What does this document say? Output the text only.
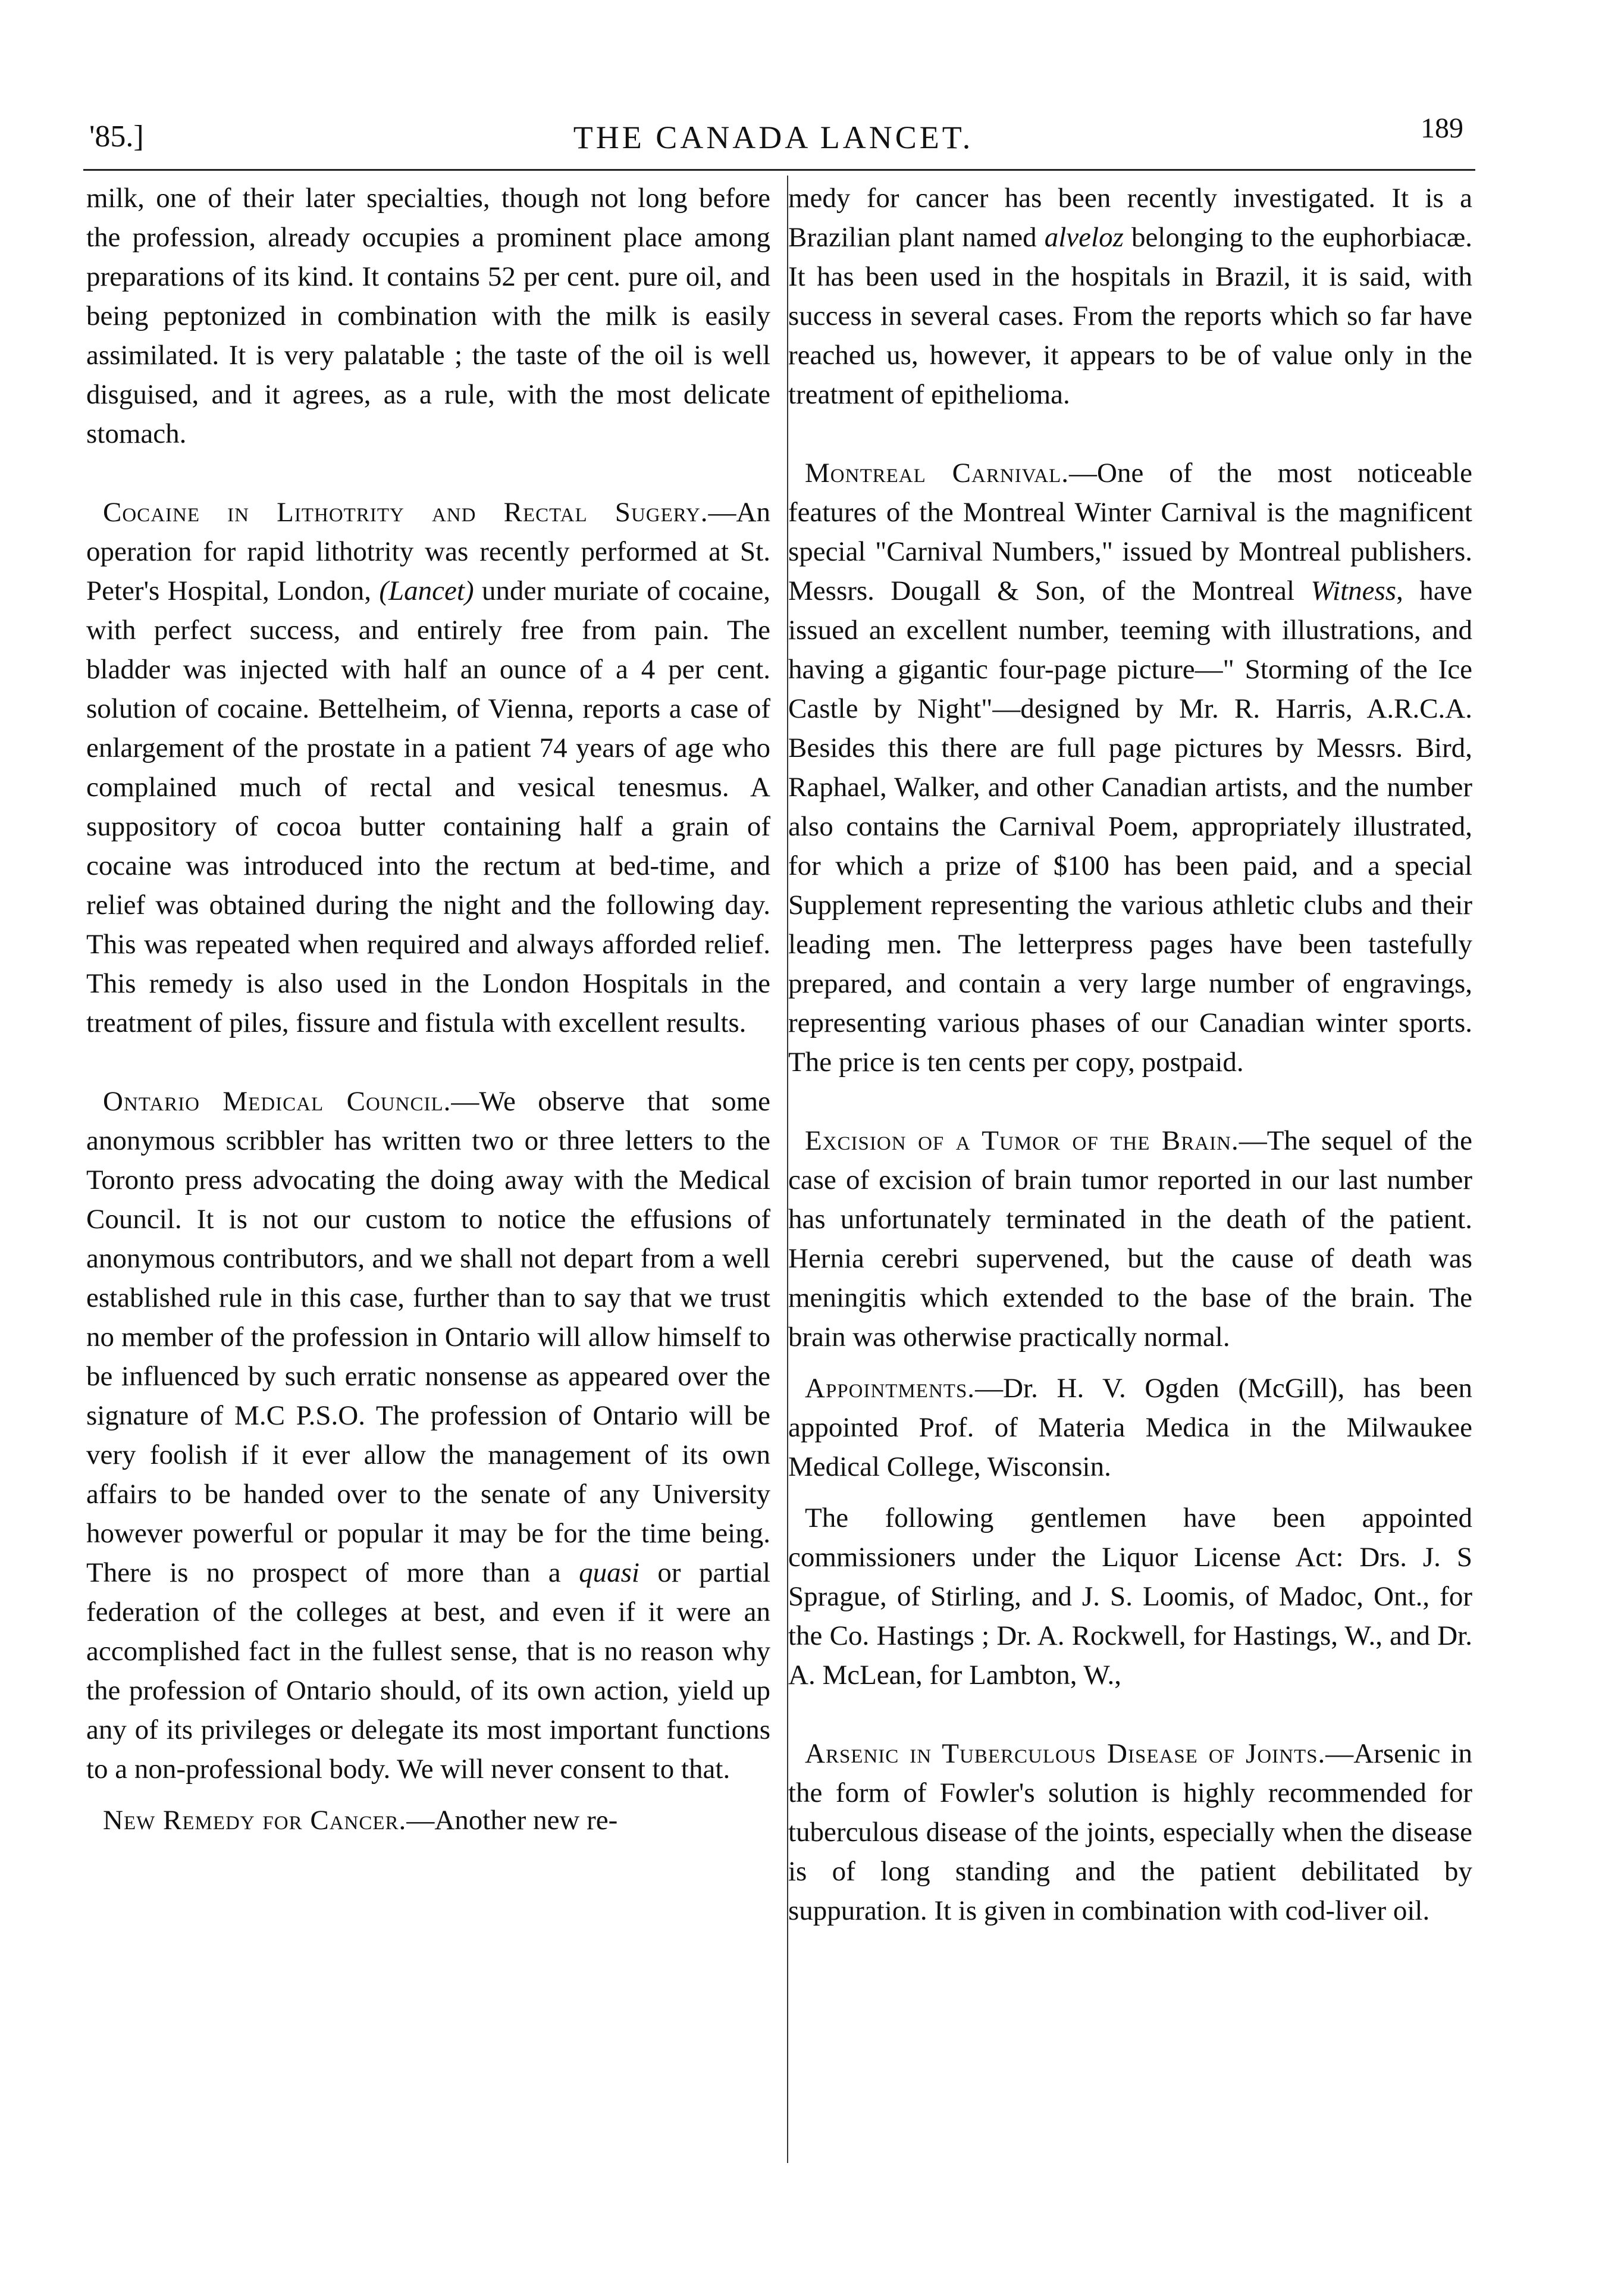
'85.]	THE CANADA LANCET.	189

milk, one of their later specialties, though not long before the profession, already occupies a prominent place among preparations of its kind. It contains 52 per cent. pure oil, and being peptonized in combination with the milk is easily assimilated. It is very palatable ; the taste of the oil is well disguised, and it agrees, as a rule, with the most delicate stomach.

Cocaine in Lithotrity and Rectal Sugery.—An operation for rapid lithotrity was recently performed at St. Peter's Hospital, London, (Lancet) under muriate of cocaine, with perfect success, and entirely free from pain. The bladder was injected with half an ounce of a 4 per cent. solution of cocaine. Bettelheim, of Vienna, reports a case of enlargement of the prostate in a patient 74 years of age who complained much of rectal and vesical tenesmus. A suppository of cocoa butter containing half a grain of cocaine was introduced into the rectum at bed-time, and relief was obtained during the night and the following day. This was repeated when required and always afforded relief. This remedy is also used in the London Hospitals in the treatment of piles, fissure and fistula with excellent results.

Ontario Medical Council.—We observe that some anonymous scribbler has written two or three letters to the Toronto press advocating the doing away with the Medical Council. It is not our custom to notice the effusions of anonymous contributors, and we shall not depart from a well established rule in this case, further than to say that we trust no member of the profession in Ontario will allow himself to be influenced by such erratic nonsense as appeared over the signature of M.C P.S.O. The profession of Ontario will be very foolish if it ever allow the management of its own affairs to be handed over to the senate of any University however powerful or popular it may be for the time being. There is no prospect of more than a quasi or partial federation of the colleges at best, and even if it were an accomplished fact in the fullest sense, that is no reason why the profession of Ontario should, of its own action, yield up any of its privileges or delegate its most important functions to a non-professional body. We will never consent to that.

New Remedy for Cancer.—Another new re-

medy for cancer has been recently investigated. It is a Brazilian plant named alveloz belonging to the euphorbiacæ. It has been used in the hospitals in Brazil, it is said, with success in several cases. From the reports which so far have reached us, however, it appears to be of value only in the treatment of epithelioma.

Montreal Carnival.—One of the most noticeable features of the Montreal Winter Carnival is the magnificent special "Carnival Numbers," issued by Montreal publishers. Messrs. Dougall & Son, of the Montreal Witness, have issued an excellent number, teeming with illustrations, and having a gigantic four-page picture—" Storming of the Ice Castle by Night"—designed by Mr. R. Harris, A.R.C.A. Besides this there are full page pictures by Messrs. Bird, Raphael, Walker, and other Canadian artists, and the number also contains the Carnival Poem, appropriately illustrated, for which a prize of $100 has been paid, and a special Supplement representing the various athletic clubs and their leading men. The letterpress pages have been tastefully prepared, and contain a very large number of engravings, representing various phases of our Canadian winter sports. The price is ten cents per copy, postpaid.

Excision of a Tumor of the Brain.—The sequel of the case of excision of brain tumor reported in our last number has unfortunately terminated in the death of the patient. Hernia cerebri supervened, but the cause of death was meningitis which extended to the base of the brain. The brain was otherwise practically normal.

Appointments.—Dr. H. V. Ogden (McGill), has been appointed Prof. of Materia Medica in the Milwaukee Medical College, Wisconsin.

The following gentlemen have been appointed commissioners under the Liquor License Act: Drs. J. S Sprague, of Stirling, and J. S. Loomis, of Madoc, Ont., for the Co. Hastings ; Dr. A. Rockwell, for Hastings, W., and Dr. A. McLean, for Lambton, W.,

Arsenic in Tuberculous Disease of Joints.—Arsenic in the form of Fowler's solution is highly recommended for tuberculous disease of the joints, especially when the disease is of long standing and the patient debilitated by suppuration. It is given in combination with cod-liver oil.
